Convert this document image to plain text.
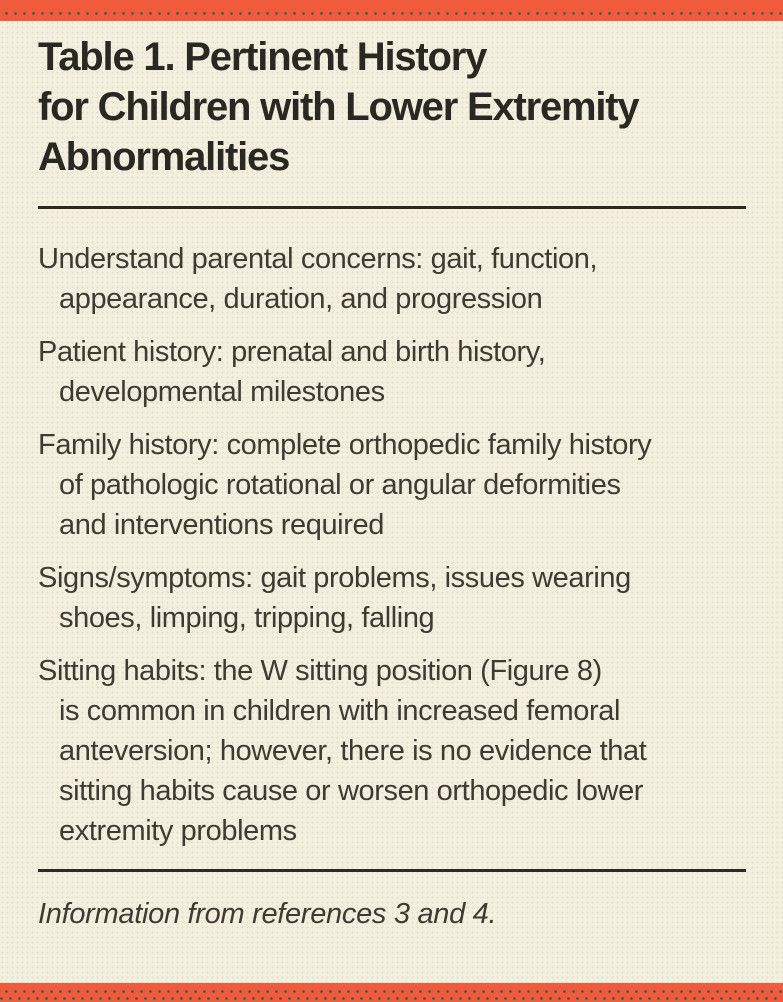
Table 1. Pertinent History
for Children with Lower Extremity
Abnormalities
Understand parental concerns: gait, function,
appearance, duration, and progression
Patient history: prenatal and birth history,
developmental milestones
Family history: complete orthopedic family history
of pathologic rotational or angular deformities
and interventions required
Signs/symptoms: gait problems, issues wearing
shoes, limping, tripping, falling
Sitting habits: the W sitting position (Figure 8)
is common in children with increased femoral
anteversion; however, there is no evidence that
sitting habits cause or worsen orthopedic lower
extremity problems
Information from references 3 and 4.
